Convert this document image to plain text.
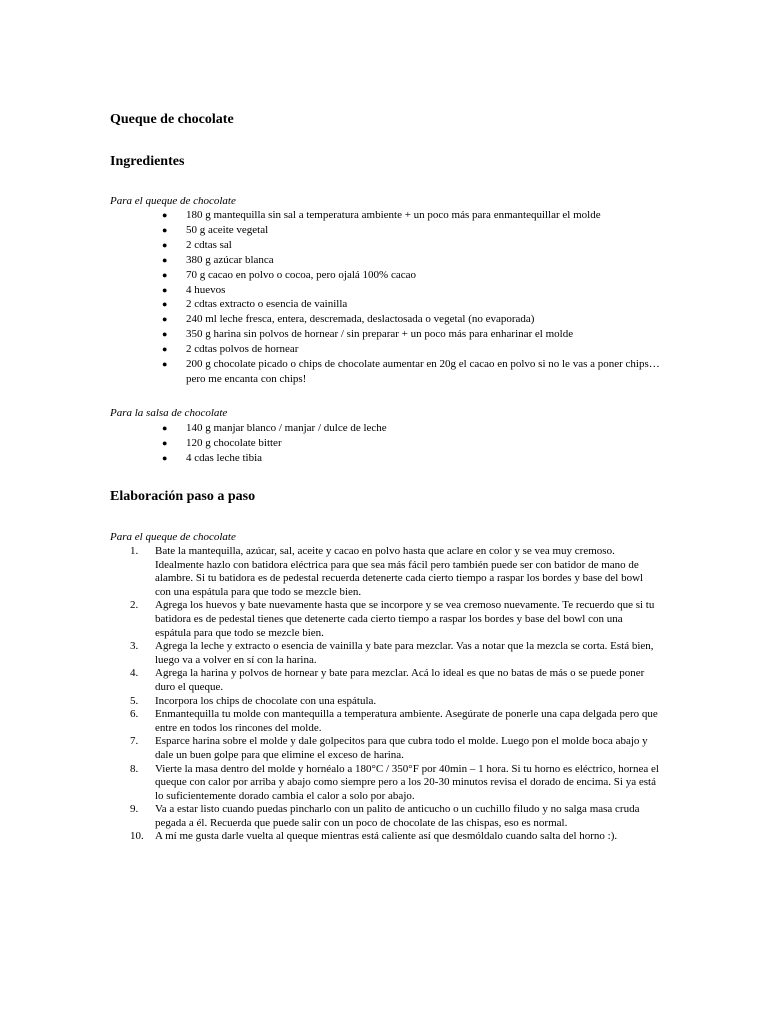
Queque de chocolate
Ingredientes

Para el queque de chocolate

● 180 g mantequilla sin sal a temperatura ambiente + un poco más para enmantequillar el molde
● 50 g aceite vegetal
● 2 cdtas sal
● 380 g azúcar blanca
● 70 g cacao en polvo o cocoa, pero ojalá 100% cacao
● 4 huevos
● 2 cdtas extracto o esencia de vainilla
● 240 ml leche fresca, entera, descremada, deslactosada o vegetal (no evaporada)
● 350 g harina sin polvos de hornear / sin preparar + un poco más para enharinar el molde
● 2 cdtas polvos de hornear
● 200 g chocolate picado o chips de chocolate aumentar en 20g el cacao en polvo si no le vas a poner chips… pero me encanta con chips!

Para la salsa de chocolate

● 140 g manjar blanco / manjar / dulce de leche
● 120 g chocolate bitter
● 4 cdas leche tibia
Elaboración paso a paso

Para el queque de chocolate

1.	Bate la mantequilla, azúcar, sal, aceite y cacao en polvo hasta que aclare en color y se vea muy cremoso. Idealmente hazlo con batidora eléctrica para que sea más fácil pero también puede ser con batidor de mano de alambre. Si tu batidora es de pedestal recuerda detenerte cada cierto tiempo a raspar los bordes y base del bowl con una espátula para que todo se mezcle bien.
2.	Agrega los huevos y bate nuevamente hasta que se incorpore y se vea cremoso nuevamente. Te recuerdo que si tu batidora es de pedestal tienes que detenerte cada cierto tiempo a raspar los bordes y base del bowl con una espátula para que todo se mezcle bien.
3.	Agrega la leche y extracto o esencia de vainilla y bate para mezclar. Vas a notar que la mezcla se corta. Está bien, luego va a volver en sí con la harina.
4.	Agrega la harina y polvos de hornear y bate para mezclar. Acá lo ideal es que no batas de más o se puede poner duro el queque.
5.	Incorpora los chips de chocolate con una espátula.
6.	Enmantequilla tu molde con mantequilla a temperatura ambiente. Asegúrate de ponerle una capa delgada pero que entre en todos los rincones del molde.
7.	Esparce harina sobre el molde y dale golpecitos para que cubra todo el molde. Luego pon el molde boca abajo y dale un buen golpe para que elimine el exceso de harina.
8.	Vierte la masa dentro del molde y hornéalo a 180°C / 350°F por 40min – 1 hora. Si tu horno es eléctrico, hornea el queque con calor por arriba y abajo como siempre pero a los 20-30 minutos revisa el dorado de encima. Si ya está lo suficientemente dorado cambia el calor a solo por abajo.
9.	Va a estar listo cuando puedas pincharlo con un palito de anticucho o un cuchillo filudo y no salga masa cruda pegada a él. Recuerda que puede salir con un poco de chocolate de las chispas, eso es normal.
10.	A mí me gusta darle vuelta al queque mientras está caliente así que desmóldalo cuando salta del horno :).
